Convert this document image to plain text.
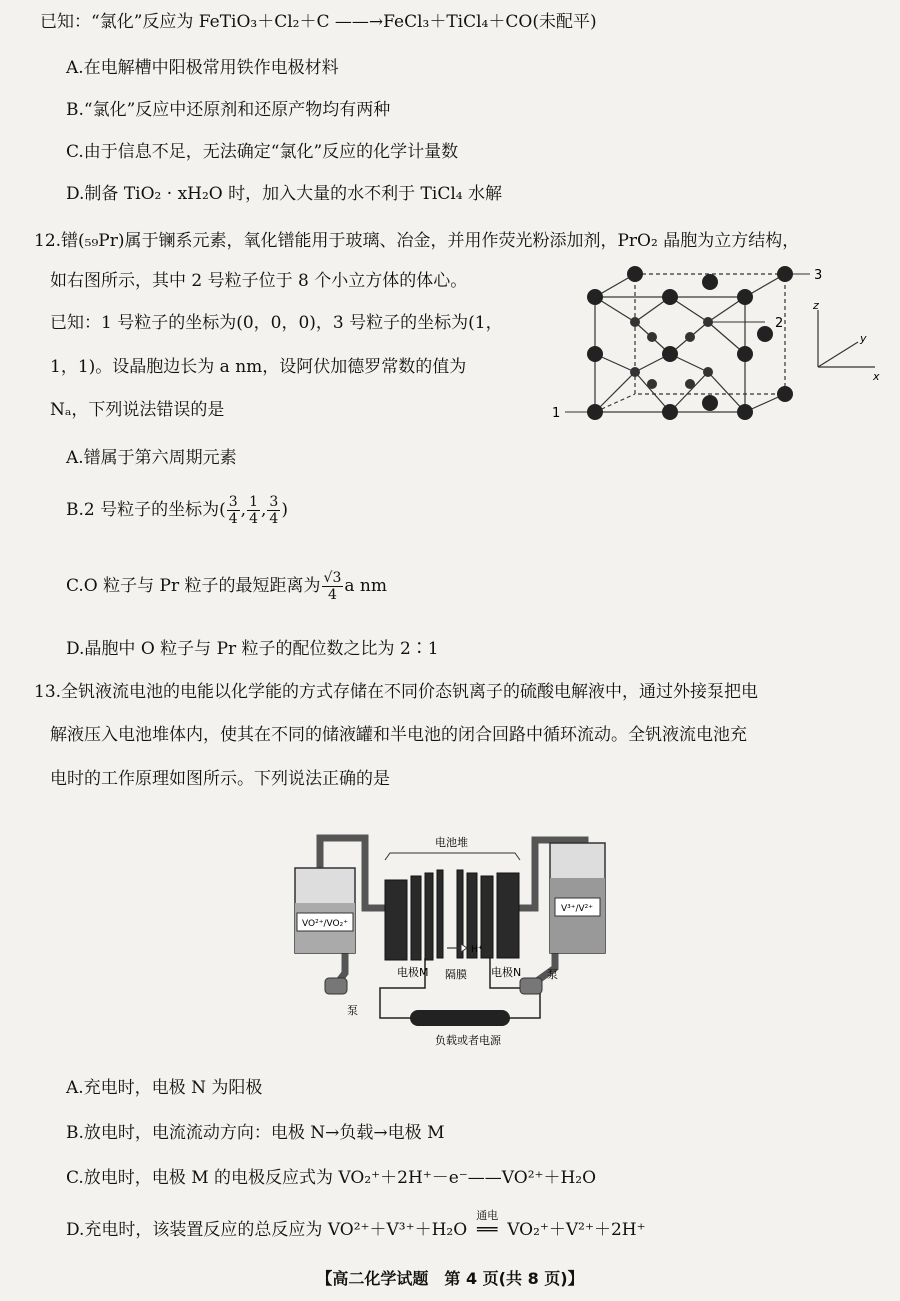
已知：“氯化”反应为 FeTiO₃＋Cl₂＋C ——→FeCl₃＋TiCl₄＋CO(未配平)
A.在电解槽中阳极常用铁作电极材料
B.“氯化”反应中还原剂和还原产物均有两种
C.由于信息不足，无法确定“氯化”反应的化学计量数
D.制备 TiO₂ · xH₂O 时，加入大量的水不利于 TiCl₄ 水解
12.镨(₅₉Pr)属于镧系元素，氧化镨能用于玻璃、冶金，并用作荧光粉添加剂，PrO₂ 晶胞为立方结构，
如右图所示，其中 2 号粒子位于 8 个小立方体的体心。
已知：1 号粒子的坐标为(0，0，0)，3 号粒子的坐标为(1，
1，1)。设晶胞边长为 a nm，设阿伏加德罗常数的值为
Nₐ，下列说法错误的是	1
2
3
z
y
x
A.镨属于第六周期元素
B.2 号粒子的坐标为( $\frac{3}{4}$ , $\frac{1}{4}$ , $\frac{3}{4}$ )
C.O 粒子与 Pr 粒子的最短距离为 $\frac{√3}{4}$ a nm
D.晶胞中 O 粒子与 Pr 粒子的配位数之比为 2∶1
13.全钒液流电池的电能以化学能的方式存储在不同价态钒离子的硫酸电解液中，通过外接泵把电
解液压入电池堆体内，使其在不同的储液罐和半电池的闭合回路中循环流动。全钒液流电池充
电时的工作原理如图所示。下列说法正确的是
VO²⁺/VO₂⁺
V³⁺/V²⁺
泵
泵
电池堆
H⁺
电极M 隔膜 电极N
负载或者电源
A.充电时，电极 N 为阳极
B.放电时，电流流动方向：电极 N→负载→电极 M
C.放电时，电极 M 的电极反应式为 VO₂⁺＋2H⁺－e⁻——VO²⁺＋H₂O
D.充电时，该装置反应的总反应为 VO²⁺＋V³⁺＋H₂O
通电
══ VO₂⁺＋V²⁺＋2H⁺
【高二化学试题　第 4 页(共 8 页)】
